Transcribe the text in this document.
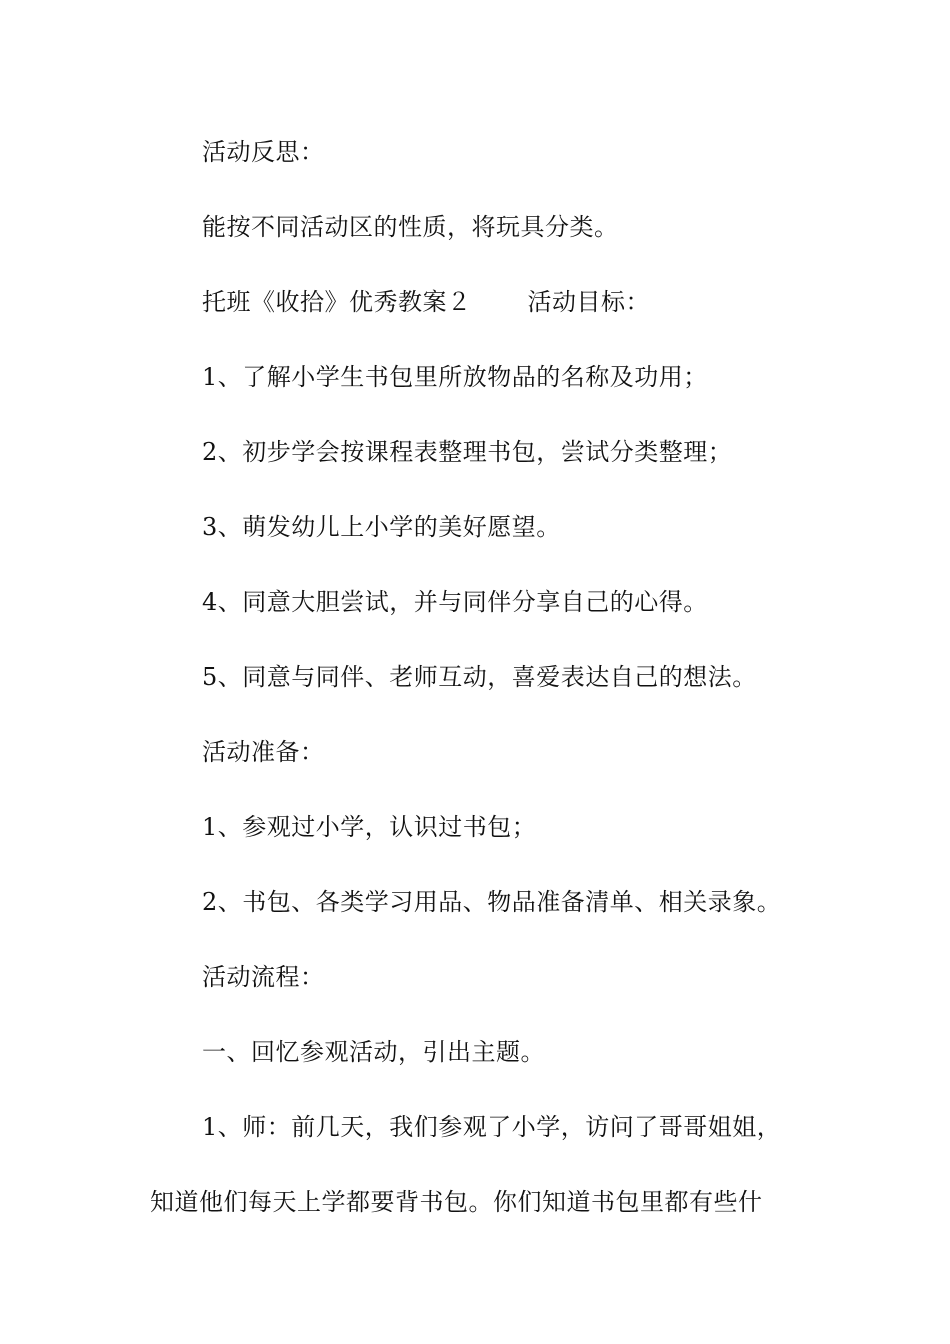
活动反思：
能按不同活动区的性质，将玩具分类。
托班《收拾》优秀教案２ 活动目标：
1、了解小学生书包里所放物品的名称及功用；
2、初步学会按课程表整理书包，尝试分类整理；
3、萌发幼儿上小学的美好愿望。
4、同意大胆尝试，并与同伴分享自己的心得。
5、同意与同伴、老师互动，喜爱表达自己的想法。
活动准备：
1、参观过小学，认识过书包；
2、书包、各类学习用品、物品准备清单、相关录象。
活动流程：
一、回忆参观活动，引出主题。
1、师：前几天，我们参观了小学，访问了哥哥姐姐，
知道他们每天上学都要背书包。你们知道书包里都有些什
